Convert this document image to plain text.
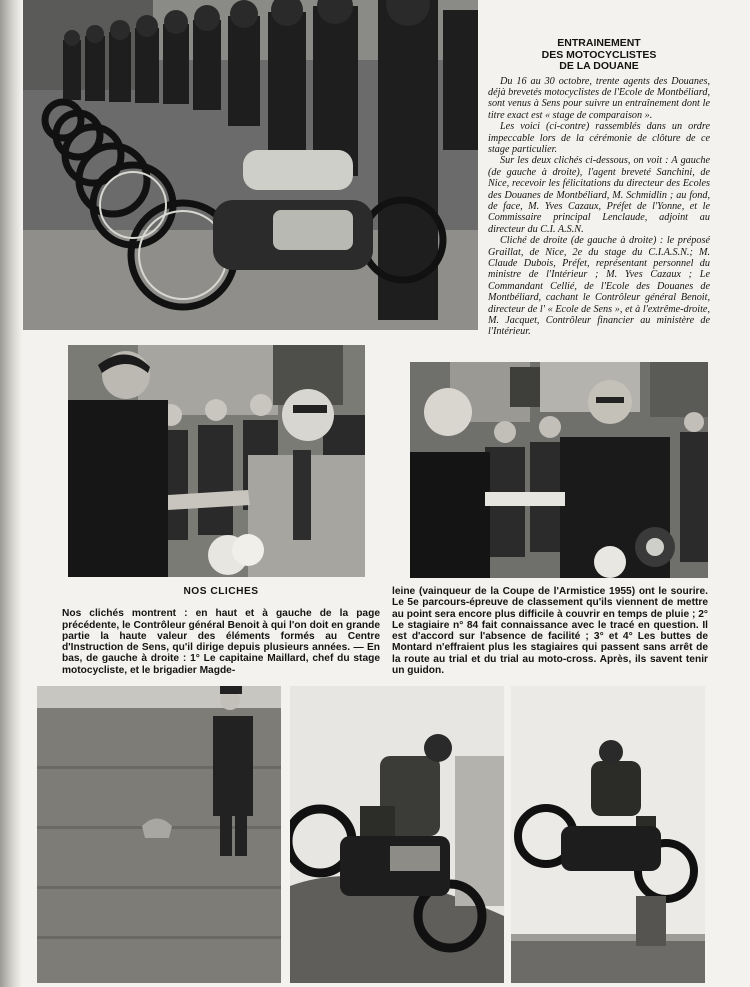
ENTRAINEMENT
DES MOTOCYCLISTES
DE LA DOUANE

Du 16 au 30 octobre, trente agents des Douanes, déjà brevetés motocyclistes de l'Ecole de Montbéliard, sont venus à Sens pour suivre un entraînement dont le titre exact est « stage de comparaison ».

Les voici (ci-contre) rassemblés dans un ordre impeccable lors de la cérémonie de clôture de ce stage particulier.

Sur les deux clichés ci-dessous, on voit : A gauche (de gauche à droite), l'agent breveté Sanchini, de Nice, recevoir les félicitations du directeur des Ecoles des Douanes de Montbéliard, M. Schmidlin ; au fond, de face, M. Yves Cazaux, Préfet de l'Yonne, et le Commissaire principal Lenclaude, adjoint au directeur du C.I. A.S.N.

Cliché de droite (de gauche à droite) : le préposé Graillat, de Nice, 2e du stage du C.I.A.S.N.; M. Claude Dubois, Préfet, représentant personnel du ministre de l'Intérieur ; M. Yves Cazaux ; Le Commandant Cellié, de l'Ecole des Douanes de Montbéliard, cachant le Contrôleur général Benoit, directeur de l' « Ecole de Sens », et à l'extrême-droite, M. Jacquet, Contrôleur financier au ministère de l'Intérieur.

NOS CLICHES

Nos clichés montrent : en haut et à gauche de la page précédente, le Contrôleur général Benoit à qui l'on doit en grande partie la haute valeur des éléments formés au Centre d'Instruction de Sens, qu'il dirige depuis plusieurs années. — En bas, de gauche à droite : 1° Le capitaine Maillard, chef du stage motocycliste, et le brigadier Magde-

leine (vainqueur de la Coupe de l'Armistice 1955) ont le sourire. Le 5e parcours-épreuve de classement qu'ils viennent de mettre au point sera encore plus difficile à couvrir en temps de pluie ; 2° Le stagiaire n° 84 fait connaissance avec le tracé en question. Il est d'accord sur l'absence de facilité ; 3° et 4° Les buttes de Montard n'effraient plus les stagiaires qui passent sans arrêt de la route au trial et du trial au moto-cross. Après, ils savent tenir un guidon.
